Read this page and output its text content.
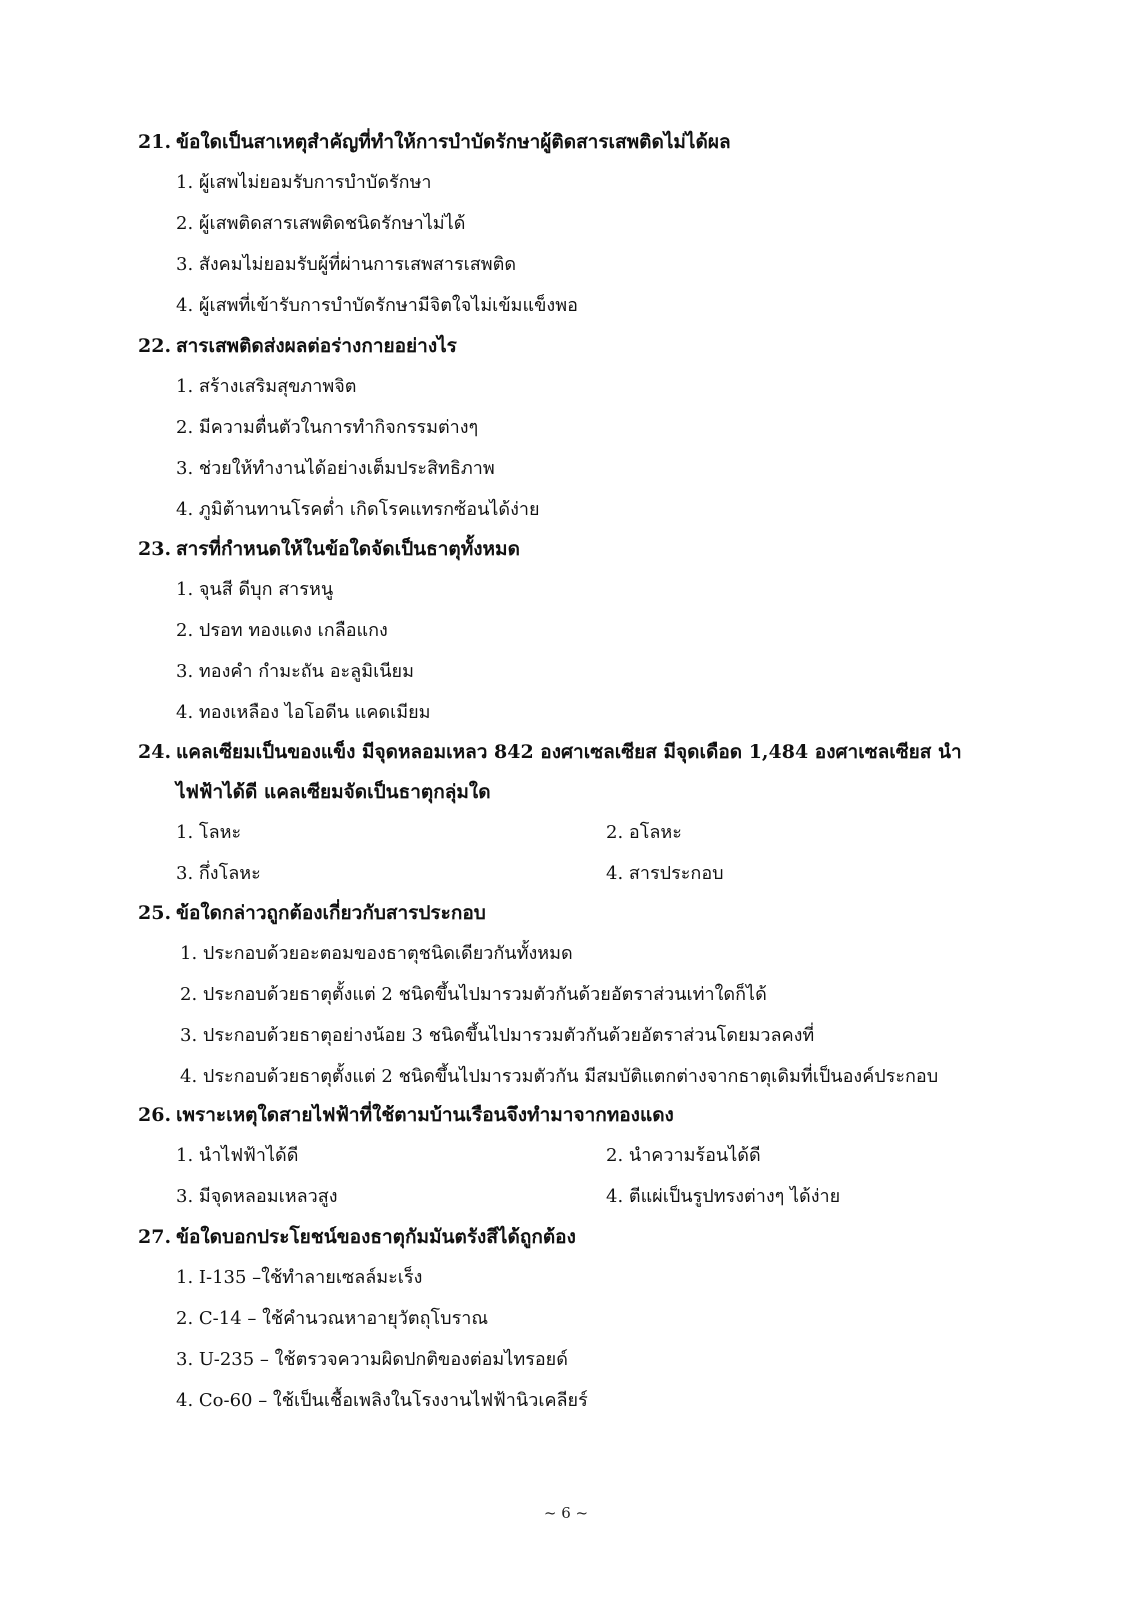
21. ข้อใดเป็นสาเหตุสำคัญที่ทำให้การบำบัดรักษาผู้ติดสารเสพติดไม่ได้ผล
1. ผู้เสพไม่ยอมรับการบำบัดรักษา
2. ผู้เสพติดสารเสพติดชนิดรักษาไม่ได้
3. สังคมไม่ยอมรับผู้ที่ผ่านการเสพสารเสพติด
4. ผู้เสพที่เข้ารับการบำบัดรักษามีจิตใจไม่เข้มแข็งพอ
22. สารเสพติดส่งผลต่อร่างกายอย่างไร
1. สร้างเสริมสุขภาพจิต
2. มีความตื่นตัวในการทำกิจกรรมต่างๆ
3. ช่วยให้ทำงานได้อย่างเต็มประสิทธิภาพ
4. ภูมิต้านทานโรคต่ำ เกิดโรคแทรกซ้อนได้ง่าย
23. สารที่กำหนดให้ในข้อใดจัดเป็นธาตุทั้งหมด
1. จุนสี ดีบุก สารหนู
2. ปรอท ทองแดง เกลือแกง
3. ทองคำ กำมะถัน อะลูมิเนียม
4. ทองเหลือง ไอโอดีน แคดเมียม
24. แคลเซียมเป็นของแข็ง มีจุดหลอมเหลว 842 องศาเซลเซียส มีจุดเดือด 1,484 องศาเซลเซียส นำไฟฟ้าได้ดี แคลเซียมจัดเป็นธาตุกลุ่มใด
1. โลหะ	2. อโลหะ
3. กึ่งโลหะ	4. สารประกอบ
25. ข้อใดกล่าวถูกต้องเกี่ยวกับสารประกอบ
1. ประกอบด้วยอะตอมของธาตุชนิดเดียวกันทั้งหมด
2. ประกอบด้วยธาตุตั้งแต่ 2 ชนิดขึ้นไปมารวมตัวกันด้วยอัตราส่วนเท่าใดก็ได้
3. ประกอบด้วยธาตุอย่างน้อย 3 ชนิดขึ้นไปมารวมตัวกันด้วยอัตราส่วนโดยมวลคงที่
4. ประกอบด้วยธาตุตั้งแต่ 2 ชนิดขึ้นไปมารวมตัวกัน มีสมบัติแตกต่างจากธาตุเดิมที่เป็นองค์ประกอบ
26. เพราะเหตุใดสายไฟฟ้าที่ใช้ตามบ้านเรือนจึงทำมาจากทองแดง
1. นำไฟฟ้าได้ดี	2. นำความร้อนได้ดี
3. มีจุดหลอมเหลวสูง	4. ตีแผ่เป็นรูปทรงต่างๆ ได้ง่าย
27. ข้อใดบอกประโยชน์ของธาตุกัมมันตรังสีได้ถูกต้อง
1. I-135 –ใช้ทำลายเซลล์มะเร็ง
2. C-14 – ใช้คำนวณหาอายุวัตถุโบราณ
3. U-235 – ใช้ตรวจความผิดปกติของต่อมไทรอยด์
4. Co-60 – ใช้เป็นเชื้อเพลิงในโรงงานไฟฟ้านิวเคลียร์
~ 6 ~
